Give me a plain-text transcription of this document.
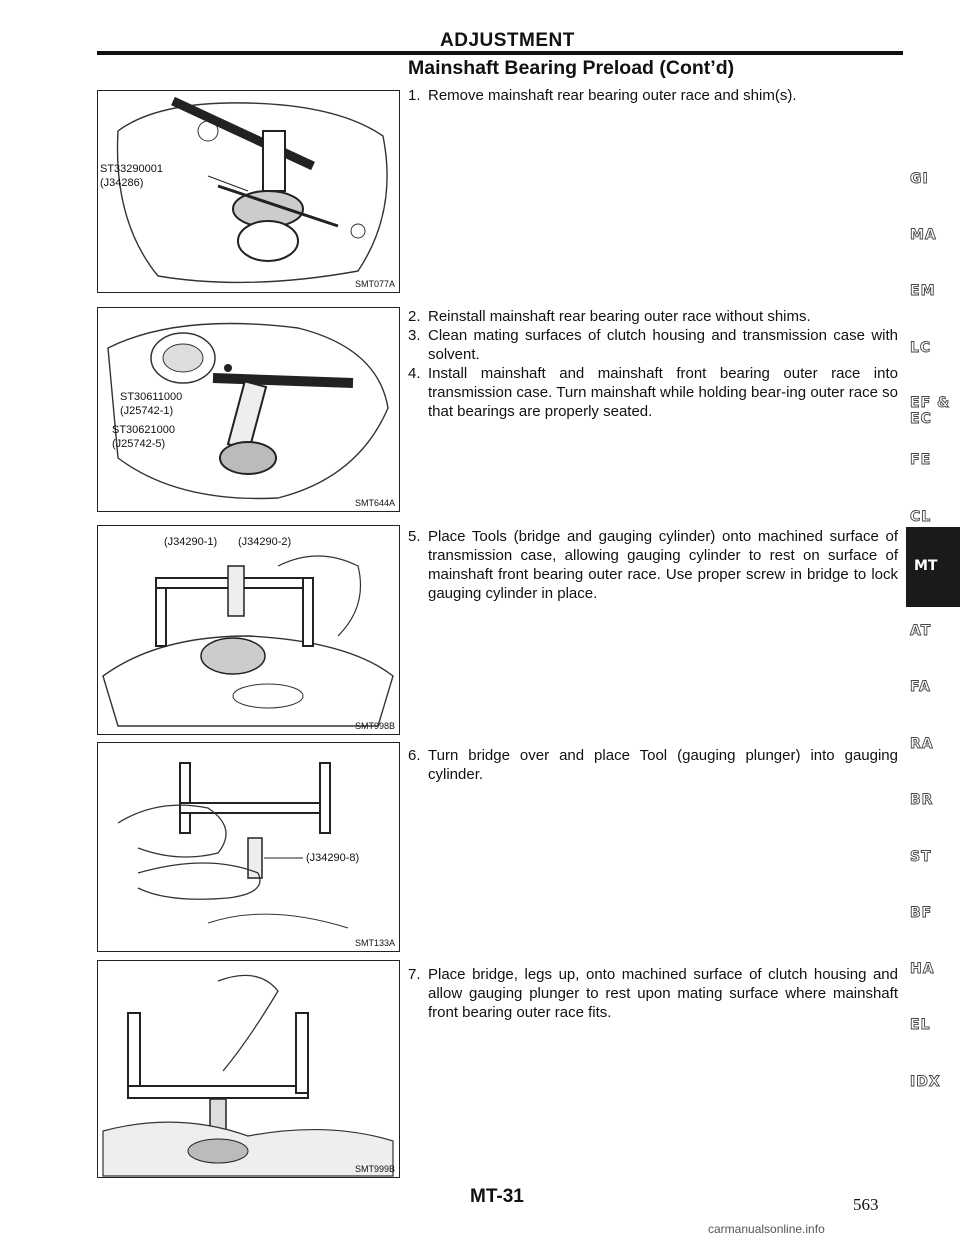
ADJUSTMENT
Mainshaft Bearing Preload (Cont’d)
ST33290001
(J34286)
SMT077A
ST30611000
(J25742-1)
ST30621000
(J25742-5)
SMT644A
(J34290-1) (J34290-2)
SMT998B
(J34290-8)
SMT133A
SMT999B
1. Remove mainshaft rear bearing outer race and shim(s).
2. Reinstall mainshaft rear bearing outer race without shims.
3. Clean mating surfaces of clutch housing and transmission case with solvent.
4. Install mainshaft and mainshaft front bearing outer race into transmission case. Turn mainshaft while holding bear-ing outer race so that bearings are properly seated.
5. Place Tools (bridge and gauging cylinder) onto machined surface of transmission case, allowing gauging cylinder to rest on surface of mainshaft front bearing outer race. Use proper screw in bridge to lock gauging cylinder in place.
6. Turn bridge over and place Tool (gauging plunger) into gauging cylinder.
7. Place bridge, legs up, onto machined surface of clutch housing and allow gauging plunger to rest upon mating surface where mainshaft front bearing outer race fits.
GI
MA
EM
LC
EF &
EC
FE
CL
MT
AT
FA
RA
BR
ST
BF
HA
EL
IDX
MT-31	563
carmanualsonline.info
